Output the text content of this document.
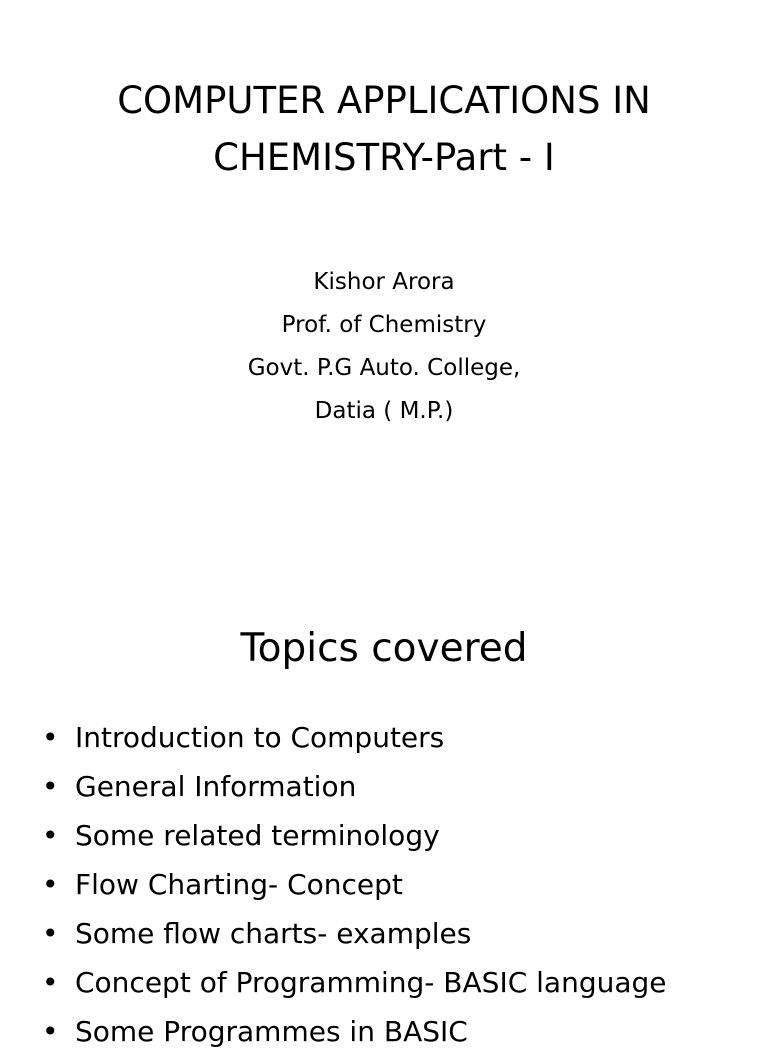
COMPUTER APPLICATIONS IN
CHEMISTRY-Part - I
Kishor Arora
Prof. of Chemistry
Govt. P.G Auto. College,
Datia ( M.P.)
Topics covered
• Introduction to Computers
• General Information
• Some related terminology
• Flow Charting- Concept
• Some flow charts- examples
• Concept of Programming- BASIC language
• Some Programmes in BASIC
